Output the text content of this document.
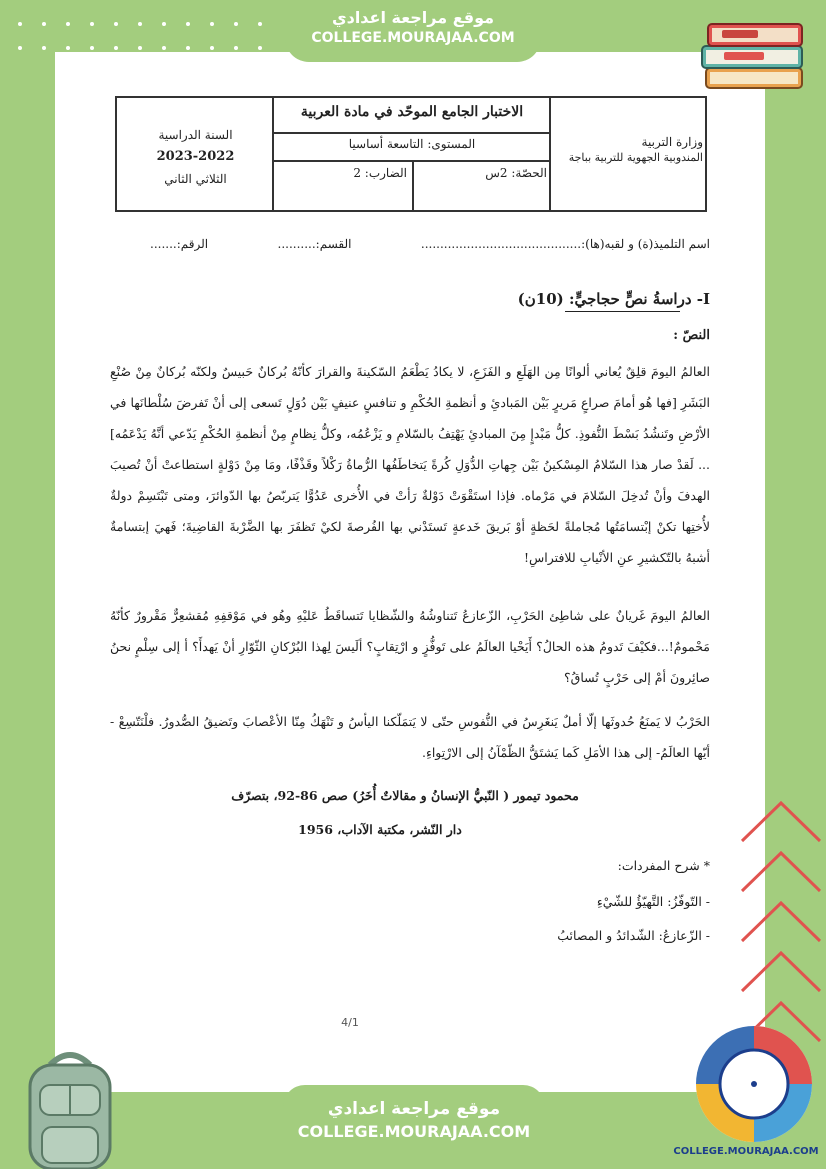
موقع مراجعة اعدادي
COLLEGE.MOURAJAA.COM
السنة الدراسية
2023-2022
الثلاثي الثاني
الاختبار الجامع الموحّد في مادة العربية
المستوى: التاسعة أساسيا
الحصّة: 2س
الضارب: 2
وزارة التربية
المندوبية الجهوية للتربية بباجة
اسم التلميذ(ة) و لقبه(ها):..........................................
القسم:..........
الرقم:.......
I- دراسةُ نصٍّ حجاجيٍّ: (10ن)
النصّ :
العالمُ اليومَ قلِقٌ يُعاني ألوانًا مِن الهَلَعِ و الفَزَعِ، لا يكادُ يَطْعَمُ السّكينةَ والقرارَ كأنّهُ بُركانٌ حَبيسٌ ولكنّه بُركانٌ مِنْ صُنْعِ البَشَرِ [فها هُو أمامَ صراعٍ مَريرٍ بَيْن المَبادئِ و أنظمةِ الحُكْمِ و تنافسٍ عنيفٍ بَيْن دُوَلٍ تَسعى إلى أنْ تَفرضَ سُلْطانَها في الأرْضِ وتَنشُدُ بَسْطَ النُّفوذِ. كلُّ مَبْدإٍ مِنَ المبادئِ يَهْتِفُ بالسّلامِ و يَزْعُمُه، وكلُّ نِظامٍ مِنْ أنظمةِ الحُكْمِ يَدّعي أنَّهُ يَدْعَمُه] ... لَقدْ صار هذا السّلامُ المِسْكينُ بَيْن جِهاتِ الدُّوَلِ كُرةً يَتخاطَفُها الرُّماةُ رَكْلاً وقَذْفًا، ومَا مِنْ دَوْلةٍ استطاعتْ أنْ تُصيبَ الهدفَ وأنْ تُدخِلَ السّلامَ في مَرْماه. فإذا استَقْوَتْ دَوْلةٌ رَأتْ في الأُخرى عَدُوًّا يَتربّصُ بها الدّوائرَ، ومتى تَبْتَسِمْ دولةٌ لأُختِها تكنْ إبْتسامَتُها مُجاملةً لحَظةٍ أوْ بَريقَ خَدعةٍ تَستَدْني بها الفُرصةَ لكيْ تَظفَرَ بها الضَّرْبةَ القاضِيةَ؛ فَهيَ إبتسامةٌ أشبهُ بالتّكشيرِ عنِ الأنْيابِ للافتراسِ!
العالمُ اليومَ غَريانٌ على شاطِئ الحَرْبِ، الزّعازعُ تَتناوشُهُ والشّظايا تَتساقَطُ عَليْهِ وهُو في مَوْقفِهِ مُقشعِرٌّ مَقْرورٌ كأنّهُ مَحْمومٌ!...فكيْفَ تَدومُ هذه الحالُ؟ أَيَحْيا العالَمُ على تَوفُّزٍ و ارْتِقابٍ؟ ألَيسَ لِهذا البُرْكانِ الثّوّارِ أنْ يَهدأَ؟ أ إلى سِلْمٍ نحنُ صائِرونَ أمْ إلى حَرْبٍ تُساقُ؟
الحَرْبُ لا يَمنَعُ حُدوثَها إلّا أملٌ يَنغَرِسُ في النُّفوسِ حتّى لا يَتمَلّكنا اليأسُ و تَنْهَكُ مِنّا الأعْصابَ وتَضيقُ الصُّدورُ. فلْنَتّسِعْ - أيّها العالَمُ- إلى هذا الأمَلِ كَما يَشتَقُّ الظّمْآنُ إلى الارْتِواءِ.
محمود تيمور ( النّبيُّ الإنسانُ و مقالاتٌ أُخَرُ) صص 86-92، بتصرّف
دار النّشر، مكتبة الآداب، 1956
* شرح المفردات:
- التّوفّزُ: التَّهيّؤُ للشّيْءِ
- الزّعازعُ: الشّدائدُ و المصائبُ
4/1
موقع مراجعة اعدادي
COLLEGE.MOURAJAA.COM
COLLEGE.MOURAJAA.COM
